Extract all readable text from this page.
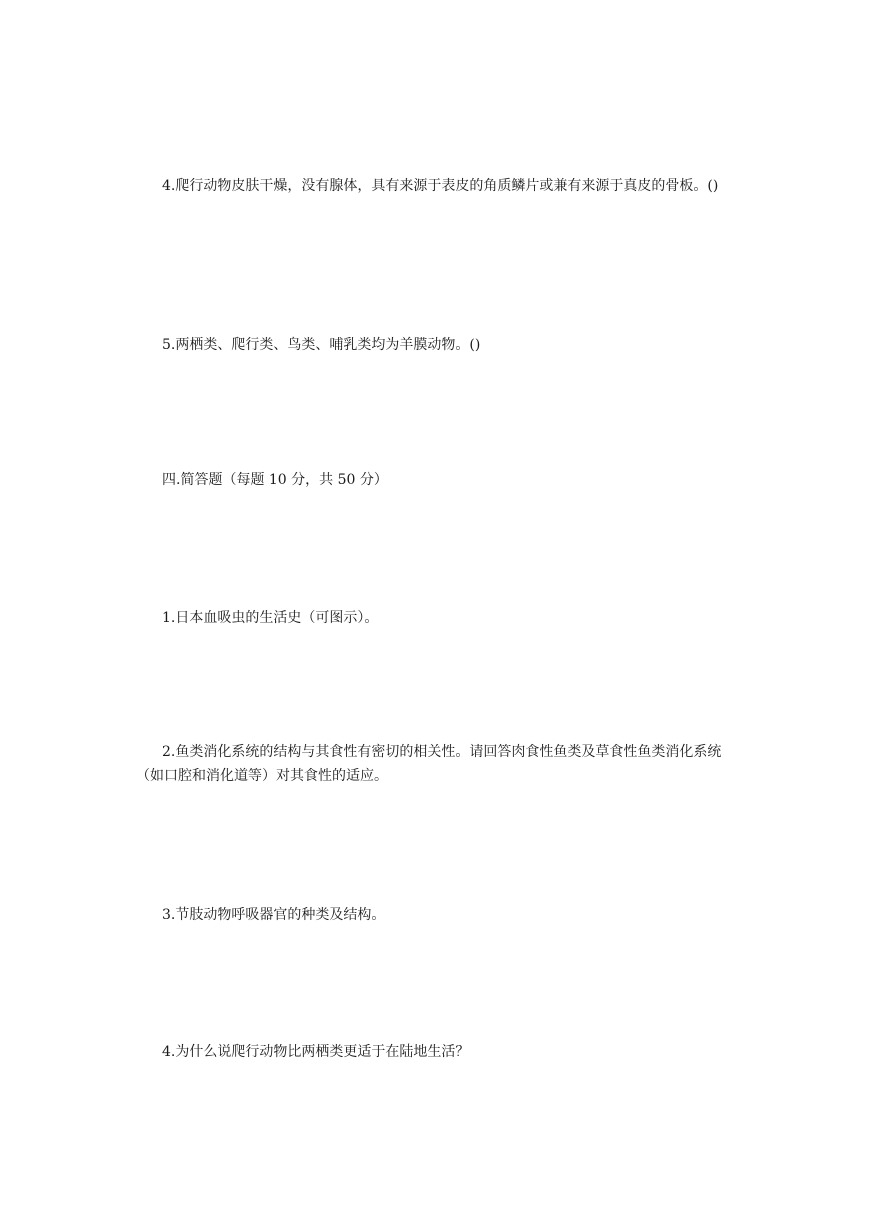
4.爬行动物皮肤干燥，没有腺体，具有来源于表皮的角质鳞片或兼有来源于真皮的骨板。()

5.两栖类、爬行类、鸟类、哺乳类均为羊膜动物。()

四.简答题（每题 10 分，共 50 分）

1.日本血吸虫的生活史（可图示）。

2.鱼类消化系统的结构与其食性有密切的相关性。请回答肉食性鱼类及草食性鱼类消化系统（如口腔和消化道等）对其食性的适应。

3.节肢动物呼吸器官的种类及结构。

4.为什么说爬行动物比两栖类更适于在陆地生活？
